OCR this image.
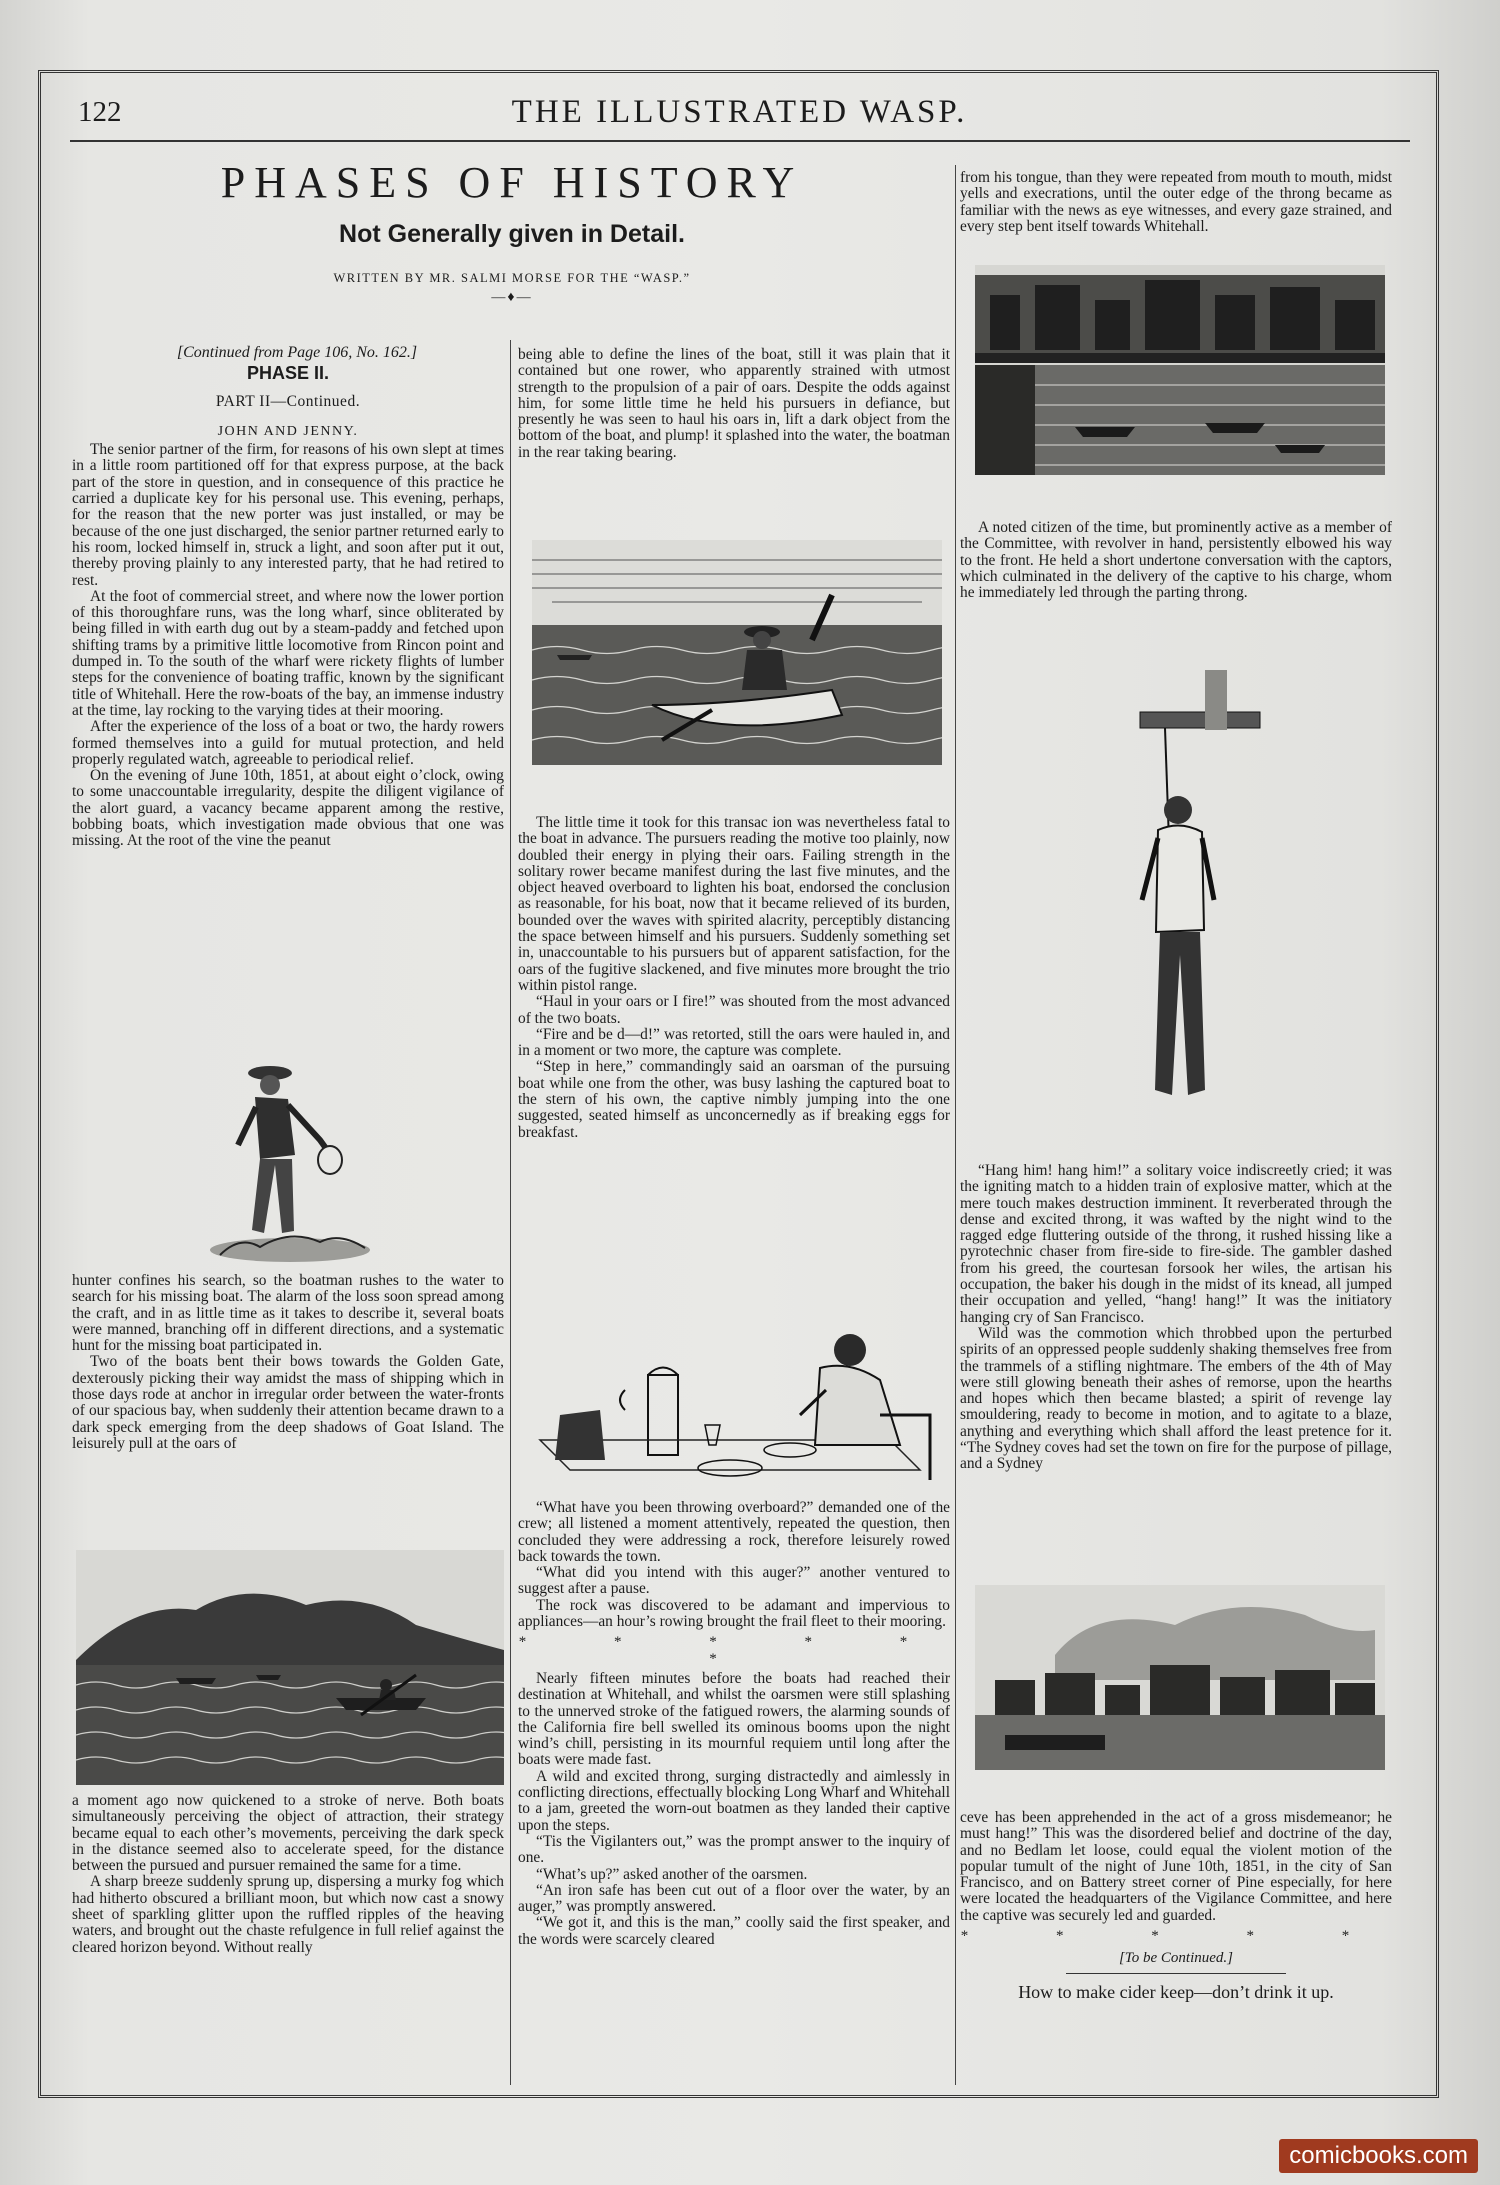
122	THE ILLUSTRATED WASP.
PHASES OF HISTORY
Not Generally given in Detail.
WRITTEN BY MR. SALMI MORSE FOR THE “WASP.”
—♦—

[Continued from Page 106, No. 162.]

PHASE II.
PART II—Continued.
JOHN AND JENNY.

The senior partner of the firm, for reasons of his own slept at times in a little room partitioned off for that express purpose, at the back part of the store in question, and in consequence of this practice he carried a duplicate key for his personal use. This evening, perhaps, for the reason that the new porter was just installed, or may be because of the one just discharged, the senior partner returned early to his room, locked himself in, struck a light, and soon after put it out, thereby proving plainly to any interested party, that he had retired to rest.

At the foot of commercial street, and where now the lower portion of this thoroughfare runs, was the long wharf, since obliterated by being filled in with earth dug out by a steam-paddy and fetched upon shifting trams by a primitive little locomotive from Rincon point and dumped in. To the south of the wharf were rickety flights of lumber steps for the convenience of boating traffic, known by the significant title of Whitehall. Here the row-boats of the bay, an immense industry at the time, lay rocking to the varying tides at their mooring.

After the experience of the loss of a boat or two, the hardy rowers formed themselves into a guild for mutual protection, and held properly regulated watch, agreeable to periodical relief.

On the evening of June 10th, 1851, at about eight o’clock, owing to some unaccountable irregularity, despite the diligent vigilance of the alort guard, a vacancy became apparent among the restive, bobbing boats, which investigation made obvious that one was missing. At the root of the vine the peanut

hunter confines his search, so the boatman rushes to the water to search for his missing boat. The alarm of the loss soon spread among the craft, and in as little time as it takes to describe it, several boats were manned, branching off in different directions, and a systematic hunt for the missing boat participated in.

Two of the boats bent their bows towards the Golden Gate, dexterously picking their way amidst the mass of shipping which in those days rode at anchor in irregular order between the water-fronts of our spacious bay, when suddenly their attention became drawn to a dark speck emerging from the deep shadows of Goat Island. The leisurely pull at the oars of

a moment ago now quickened to a stroke of nerve. Both boats simultaneously perceiving the object of attraction, their strategy became equal to each other’s movements, perceiving the dark speck in the distance seemed also to accelerate speed, for the distance between the pursued and pursuer remained the same for a time.

A sharp breeze suddenly sprung up, dispersing a murky fog which had hitherto obscured a brilliant moon, but which now cast a snowy sheet of sparkling glitter upon the ruffled ripples of the heaving waters, and brought out the chaste refulgence in full relief against the cleared horizon beyond. Without really

being able to define the lines of the boat, still it was plain that it contained but one rower, who apparently strained with utmost strength to the propulsion of a pair of oars. Despite the odds against him, for some little time he held his pursuers in defiance, but presently he was seen to haul his oars in, lift a dark object from the bottom of the boat, and plump! it splashed into the water, the boatman in the rear taking bearing.

The little time it took for this transac ion was nevertheless fatal to the boat in advance. The pursuers reading the motive too plainly, now doubled their energy in plying their oars. Failing strength in the solitary rower became manifest during the last five minutes, and the object heaved overboard to lighten his boat, endorsed the conclusion as reasonable, for his boat, now that it became relieved of its burden, bounded over the waves with spirited alacrity, perceptibly distancing the space between himself and his pursuers. Suddenly something set in, unaccountable to his pursuers but of apparent satisfaction, for the oars of the fugitive slackened, and five minutes more brought the trio within pistol range.

“Haul in your oars or I fire!” was shouted from the most advanced of the two boats.

“Fire and be d—d!” was retorted, still the oars were hauled in, and in a moment or two more, the capture was complete.

“Step in here,” commandingly said an oarsman of the pursuing boat while one from the other, was busy lashing the captured boat to the stern of his own, the captive nimbly jumping into the one suggested, seated himself as unconcernedly as if breaking eggs for breakfast.

“What have you been throwing overboard?” demanded one of the crew; all listened a moment attentively, repeated the question, then concluded they were addressing a rock, therefore leisurely rowed back towards the town.

“What did you intend with this auger?” another ventured to suggest after a pause.

The rock was discovered to be adamant and impervious to appliances—an hour’s rowing brought the frail fleet to their mooring.

* * * * * *

Nearly fifteen minutes before the boats had reached their destination at Whitehall, and whilst the oarsmen were still splashing to the unnerved stroke of the fatigued rowers, the alarming sounds of the California fire bell swelled its ominous booms upon the night wind’s chill, persisting in its mournful requiem until long after the boats were made fast.

A wild and excited throng, surging distractedly and aimlessly in conflicting directions, effectually blocking Long Wharf and Whitehall to a jam, greeted the worn-out boatmen as they landed their captive upon the steps.

“Tis the Vigilanters out,” was the prompt answer to the inquiry of one.

“What’s up?” asked another of the oarsmen.

“An iron safe has been cut out of a floor over the water, by an auger,” was promptly answered.

“We got it, and this is the man,” coolly said the first speaker, and the words were scarcely cleared

from his tongue, than they were repeated from mouth to mouth, midst yells and execrations, until the outer edge of the throng became as familiar with the news as eye witnesses, and every gaze strained, and every step bent itself towards Whitehall.

A noted citizen of the time, but prominently active as a member of the Committee, with revolver in hand, persistently elbowed his way to the front. He held a short undertone conversation with the captors, which culminated in the delivery of the captive to his charge, whom he immediately led through the parting throng.

“Hang him! hang him!” a solitary voice indiscreetly cried; it was the igniting match to a hidden train of explosive matter, which at the mere touch makes destruction imminent. It reverberated through the dense and excited throng, it was wafted by the night wind to the ragged edge fluttering outside of the throng, it rushed hissing like a pyrotechnic chaser from fire-side to fire-side. The gambler dashed from his greed, the courtesan forsook her wiles, the artisan his occupation, the baker his dough in the midst of its knead, all jumped their occupation and yelled, “hang! hang!” It was the initiatory hanging cry of San Francisco.

Wild was the commotion which throbbed upon the perturbed spirits of an oppressed people suddenly shaking themselves free from the trammels of a stifling nightmare. The embers of the 4th of May were still glowing beneath their ashes of remorse, upon the hearths and hopes which then became blasted; a spirit of revenge lay smouldering, ready to become in motion, and to agitate to a blaze, anything and everything which shall afford the least pretence for it. “The Sydney coves had set the town on fire for the purpose of pillage, and a Sydney

ceve has been apprehended in the act of a gross misdemeanor; he must hang!” This was the disordered belief and doctrine of the day, and no Bedlam let loose, could equal the violent motion of the popular tumult of the night of June 10th, 1851, in the city of San Francisco, and on Battery street corner of Pine especially, for here were located the headquarters of the Vigilance Committee, and here the captive was securely led and guarded.

* * * * *
[To be Continued.]
How to make cider keep—don’t drink it up.
comicbooks.com
